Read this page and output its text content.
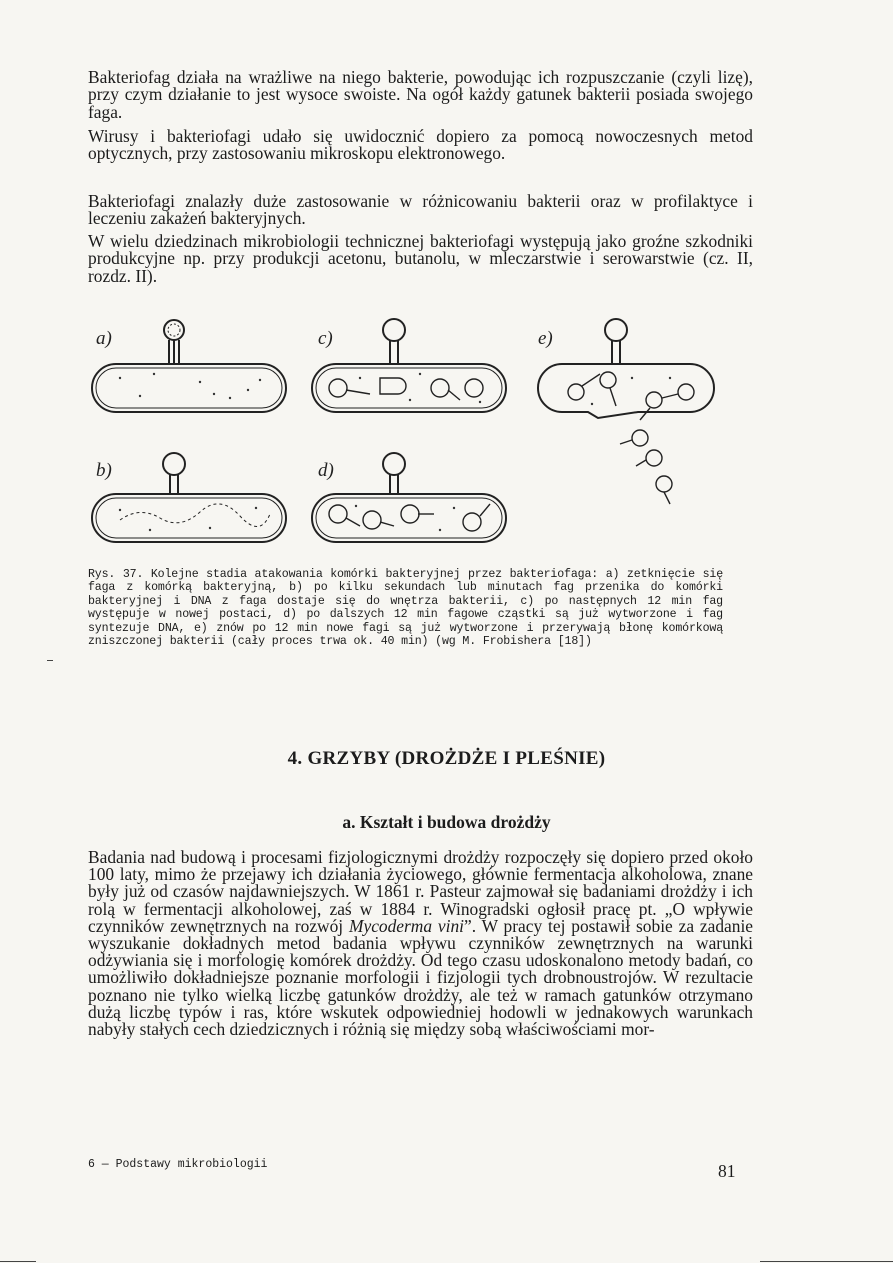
Bakteriofag działa na wrażliwe na niego bakterie, powodując ich rozpuszczanie (czyli lizę), przy czym działanie to jest wysoce swoiste. Na ogół każdy gatunek bakterii posiada swojego faga.

Wirusy i bakteriofagi udało się uwidocznić dopiero za pomocą nowoczesnych metod optycznych, przy zastosowaniu mikroskopu elektronowego.

Bakteriofagi znalazły duże zastosowanie w różnicowaniu bakterii oraz w profilaktyce i leczeniu zakażeń bakteryjnych.

W wielu dziedzinach mikrobiologii technicznej bakteriofagi występują jako groźne szkodniki produkcyjne np. przy produkcji acetonu, butanolu, w mleczarstwie i serowarstwie (cz. II, rozdz. II).

a)
b)
c)
d)
e)

Rys. 37. Kolejne stadia atakowania komórki bakteryjnej przez bakteriofaga: a) zetknięcie się faga z komórką bakteryjną, b) po kilku sekundach lub minutach fag przenika do komórki bakteryjnej i DNA z faga dostaje się do wnętrza bakterii, c) po następnych 12 min fag występuje w nowej postaci, d) po dalszych 12 min fagowe cząstki są już wytworzone i fag syntezuje DNA, e) znów po 12 min nowe fagi są już wytworzone i przerywają błonę komórkową zniszczonej bakterii (cały proces trwa ok. 40 min) (wg M. Frobishera [18])

4. GRZYBY (DROŻDŻE I PLEŚNIE)
a. Kształt i budowa drożdży

Badania nad budową i procesami fizjologicznymi drożdży rozpoczęły się dopiero przed około 100 laty, mimo że przejawy ich działania życiowego, głównie fermentacja alkoholowa, znane były już od czasów najdawniejszych. W 1861 r. Pasteur zajmował się badaniami drożdży i ich rolą w fermentacji alkoholowej, zaś w 1884 r. Winogradski ogłosił pracę pt. „O wpływie czynników zewnętrznych na rozwój Mycoderma vini”. W pracy tej postawił sobie za zadanie wyszukanie dokładnych metod badania wpływu czynników zewnętrznych na warunki odżywiania się i morfologię komórek drożdży. Od tego czasu udoskonalono metody badań, co umożliwiło dokładniejsze poznanie morfologii i fizjologii tych drobnoustrojów. W rezultacie poznano nie tylko wielką liczbę gatunków drożdży, ale też w ramach gatunków otrzymano dużą liczbę typów i ras, które wskutek odpowiedniej hodowli w jednakowych warunkach nabyły stałych cech dziedzicznych i różnią się między sobą właściwościami mor-

6 — Podstawy mikrobiologii	81
